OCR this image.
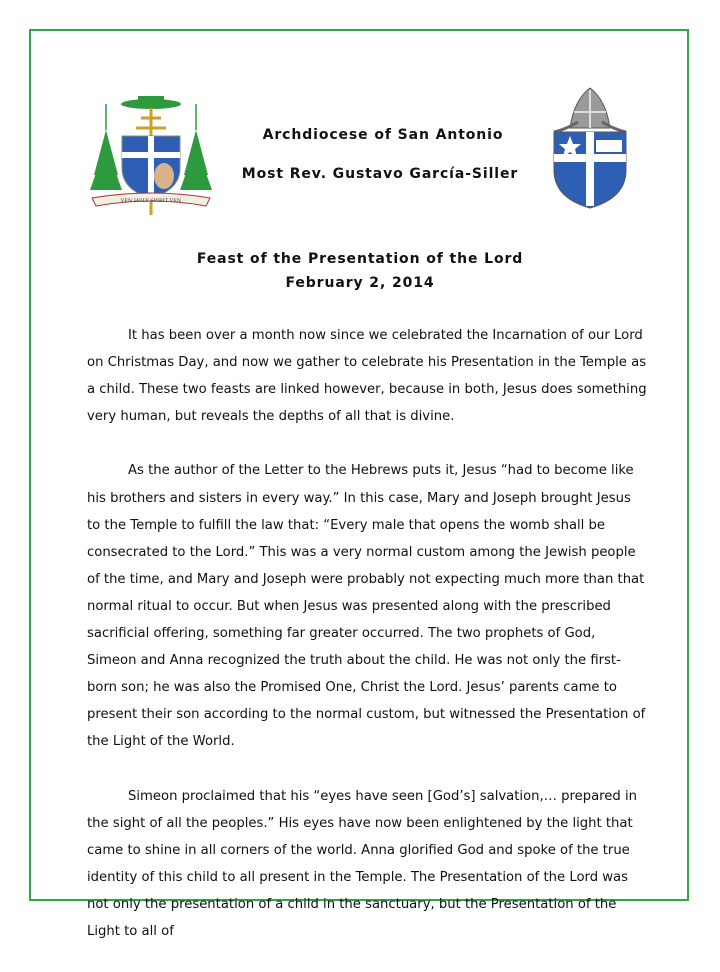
VEN HOLY SPIRIT VEN
Archdiocese of San Antonio
Most Rev. Gustavo García-Siller
Feast of the Presentation of the Lord
February 2, 2014

It has been over a month now since we celebrated the Incarnation of our Lord on Christmas Day, and now we gather to celebrate his Presentation in the Temple as a child. These two feasts are linked however, because in both, Jesus does something very human, but reveals the depths of all that is divine.

As the author of the Letter to the Hebrews puts it, Jesus “had to become like his brothers and sisters in every way.” In this case, Mary and Joseph brought Jesus to the Temple to fulfill the law that: “Every male that opens the womb shall be consecrated to the Lord.” This was a very normal custom among the Jewish people of the time, and Mary and Joseph were probably not expecting much more than that normal ritual to occur. But when Jesus was presented along with the prescribed sacrificial offering, something far greater occurred. The two prophets of God, Simeon and Anna recognized the truth about the child. He was not only the first-born son; he was also the Promised One, Christ the Lord. Jesus’ parents came to present their son according to the normal custom, but witnessed the Presentation of the Light of the World.

Simeon proclaimed that his “eyes have seen [God’s] salvation,… prepared in the sight of all the peoples.” His eyes have now been enlightened by the light that came to shine in all corners of the world. Anna glorified God and spoke of the true identity of this child to all present in the Temple. The Presentation of the Lord was not only the presentation of a child in the sanctuary, but the Presentation of the Light to all of
